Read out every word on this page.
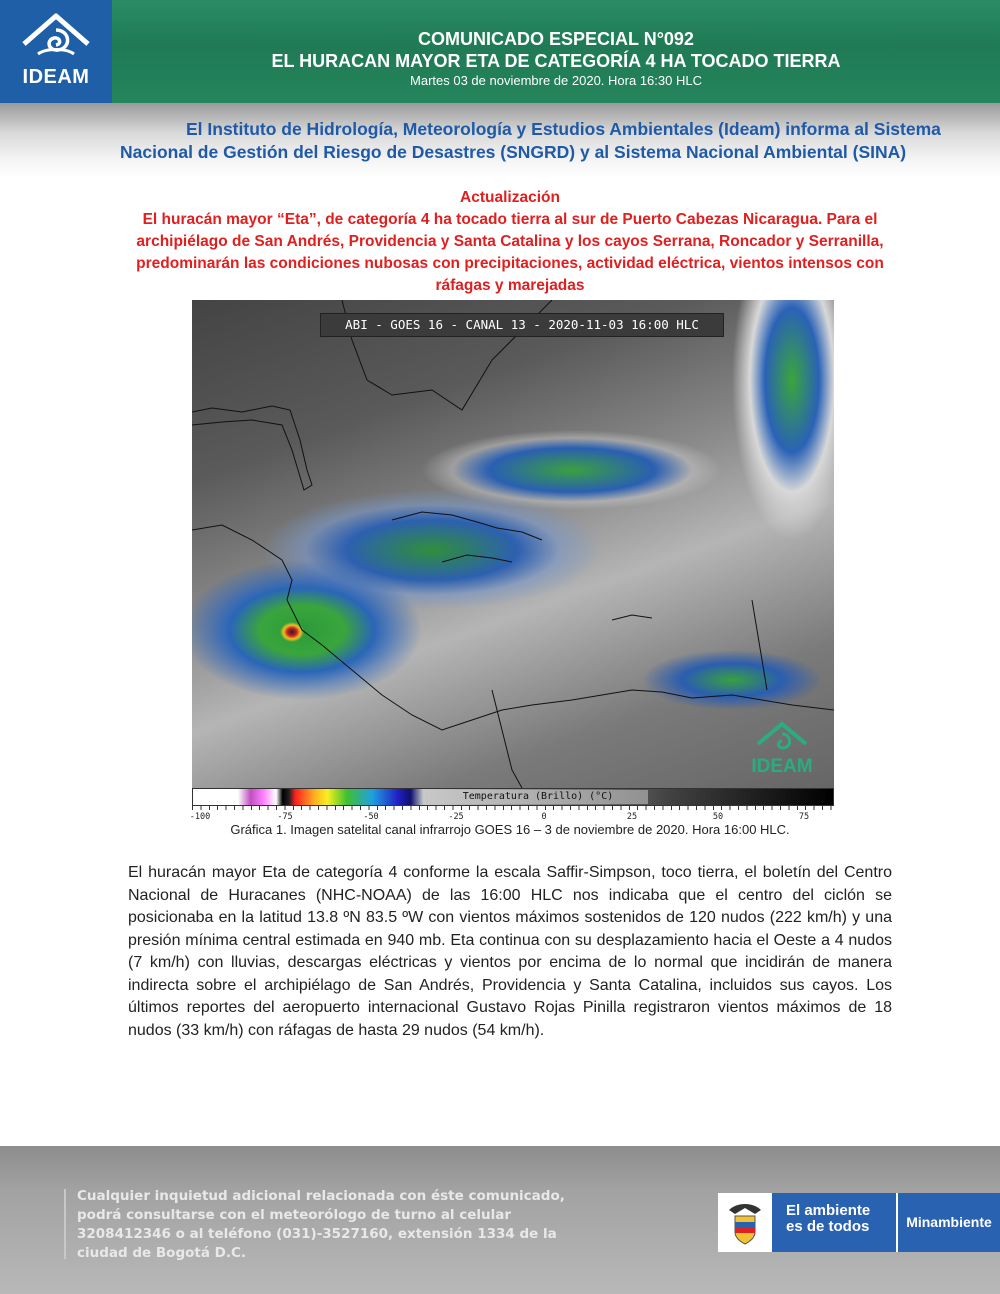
IDEAM
COMUNICADO ESPECIAL N°092
EL HURACAN MAYOR ETA DE CATEGORÍA 4 HA TOCADO TIERRA
Martes 03 de noviembre de 2020. Hora 16:30 HLC
El Instituto de Hidrología, Meteorología y Estudios Ambientales (Ideam) informa al Sistema
Nacional de Gestión del Riesgo de Desastres (SNGRD) y al Sistema Nacional Ambiental (SINA)
Actualización
El huracán mayor “Eta”, de categoría 4 ha tocado tierra al sur de Puerto Cabezas Nicaragua. Para el archipiélago de San Andrés, Providencia y Santa Catalina y los cayos Serrana, Roncador y Serranilla, predominarán las condiciones nubosas con precipitaciones, actividad eléctrica, vientos intensos con ráfagas y marejadas
ABI - GOES 16 - CANAL 13 - 2020-11-03 16:00 HLC
IDEAM
Temperatura (Brillo) (°C)
-100	-75	-50	-25	0	25	50	75
Gráfica 1. Imagen satelital canal infrarrojo GOES 16 – 3 de noviembre de 2020. Hora 16:00 HLC.
El huracán mayor Eta de categoría 4 conforme la escala Saffir-Simpson, toco tierra, el boletín del Centro Nacional de Huracanes (NHC-NOAA) de las 16:00 HLC nos indicaba que el centro del ciclón se posicionaba en la latitud 13.8 ºN 83.5 ºW con vientos máximos sostenidos de 120 nudos (222 km/h) y una presión mínima central estimada en 940 mb. Eta continua con su desplazamiento hacia el Oeste a 4 nudos (7 km/h) con lluvias, descargas eléctricas y vientos por encima de lo normal que incidirán de manera indirecta sobre el archipiélago de San Andrés, Providencia y Santa Catalina, incluidos sus cayos. Los últimos reportes del aeropuerto internacional Gustavo Rojas Pinilla registraron vientos máximos de 18 nudos (33 km/h) con ráfagas de hasta 29 nudos (54 km/h).
Cualquier inquietud adicional relacionada con éste comunicado, podrá consultarse con el meteorólogo de turno al celular 3208412346 o al teléfono (031)-3527160, extensión 1334 de la ciudad de Bogotá D.C.
El ambiente
es de todos	Minambiente
